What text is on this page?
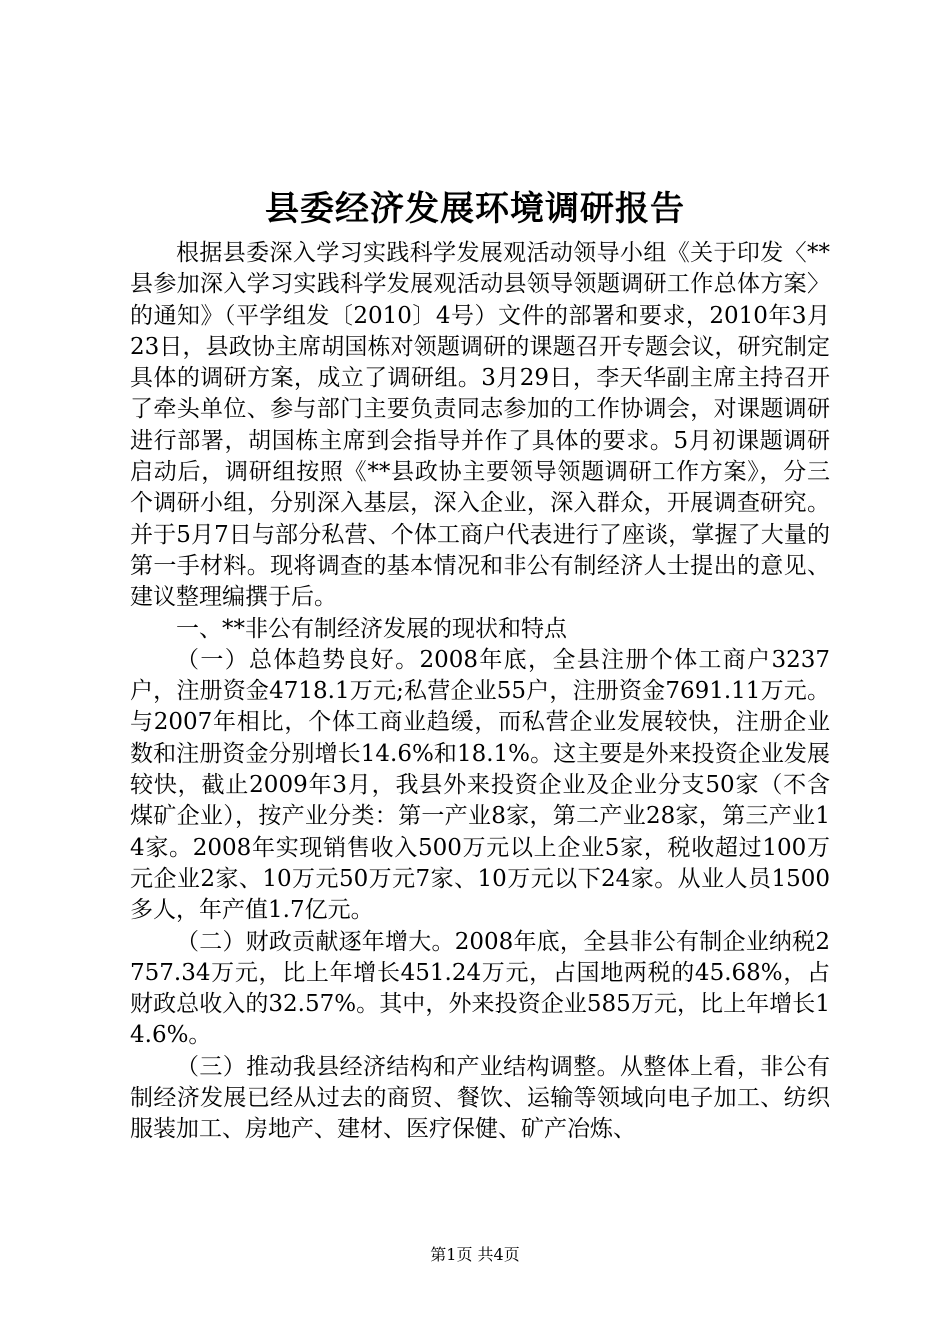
县委经济发展环境调研报告

根据县委深入学习实践科学发展观活动领导小组《关于印发〈**县参加深入学习实践科学发展观活动县领导领题调研工作总体方案〉的通知》（平学组发〔2010〕4号）文件的部署和要求，2010年3月23日，县政协主席胡国栋对领题调研的课题召开专题会议，研究制定具体的调研方案，成立了调研组。3月29日，李天华副主席主持召开了牵头单位、参与部门主要负责同志参加的工作协调会，对课题调研进行部署，胡国栋主席到会指导并作了具体的要求。5月初课题调研启动后，调研组按照《**县政协主要领导领题调研工作方案》，分三个调研小组，分别深入基层，深入企业，深入群众，开展调查研究。并于5月7日与部分私营、个体工商户代表进行了座谈，掌握了大量的第一手材料。现将调查的基本情况和非公有制经济人士提出的意见、建议整理编撰于后。

一、**非公有制经济发展的现状和特点

（一）总体趋势良好。2008年底，全县注册个体工商户3237户，注册资金4718.1万元;私营企业55户，注册资金7691.11万元。与2007年相比，个体工商业趋缓，而私营企业发展较快，注册企业数和注册资金分别增长14.6%和18.1%。这主要是外来投资企业发展较快，截止2009年3月，我县外来投资企业及企业分支50家（不含煤矿企业），按产业分类：第一产业8家，第二产业28家，第三产业14家。2008年实现销售收入500万元以上企业5家，税收超过100万元企业2家、10万元50万元7家、10万元以下24家。从业人员1500多人，年产值1.7亿元。

（二）财政贡献逐年增大。2008年底，全县非公有制企业纳税2757.34万元，比上年增长451.24万元，占国地两税的45.68%，占财政总收入的32.57%。其中，外来投资企业585万元，比上年增长14.6%。

（三）推动我县经济结构和产业结构调整。从整体上看，非公有制经济发展已经从过去的商贸、餐饮、运输等领域向电子加工、纺织服装加工、房地产、建材、医疗保健、矿产冶炼、

第1页 共4页
